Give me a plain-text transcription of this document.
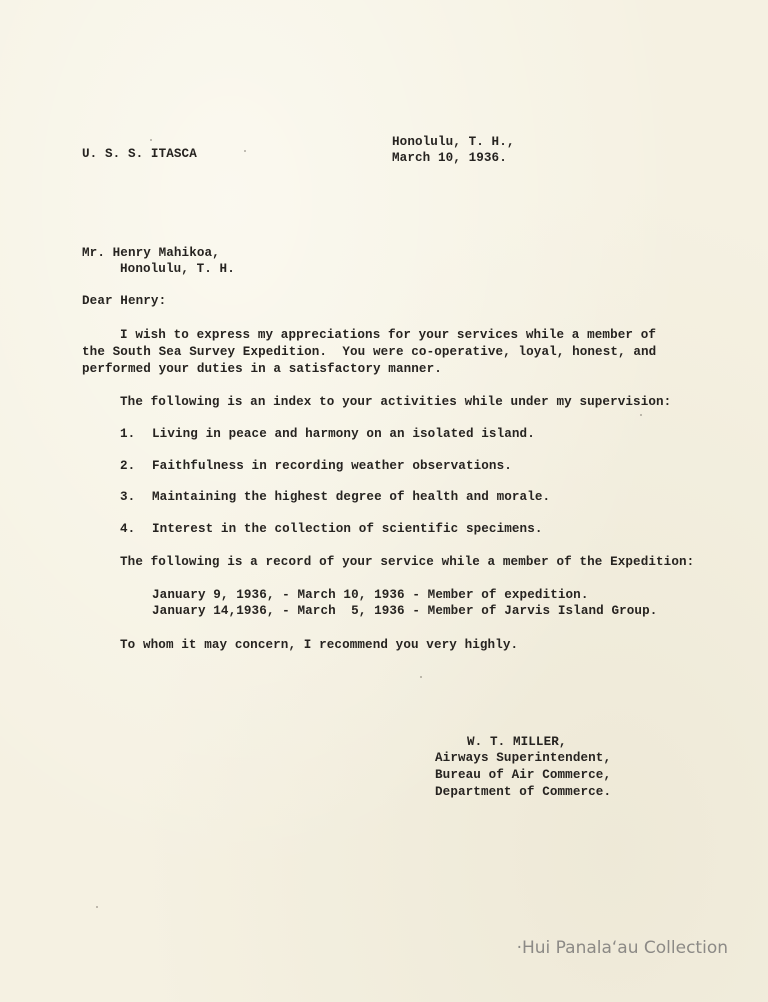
U. S. S. ITASCA

Honolulu, T. H.,

March 10, 1936.

Mr. Henry Mahikoa,

Honolulu, T. H.

Dear Henry:

I wish to express my appreciations for your services while a member of

the South Sea Survey Expedition.  You were co-operative, loyal, honest, and

performed your duties in a satisfactory manner.

The following is an index to your activities while under my supervision:

1. Living in peace and harmony on an isolated island.

2. Faithfulness in recording weather observations.

3. Maintaining the highest degree of health and morale.

4. Interest in the collection of scientific specimens.

The following is a record of your service while a member of the Expedition:

January 9, 1936, - March 10, 1936 - Member of expedition.

January 14,1936, - March  5, 1936 - Member of Jarvis Island Group.

To whom it may concern, I recommend you very highly.

W. T. MILLER,

Airways Superintendent,

Bureau of Air Commerce,

Department of Commerce.

·Hui Panala‘au Collection
